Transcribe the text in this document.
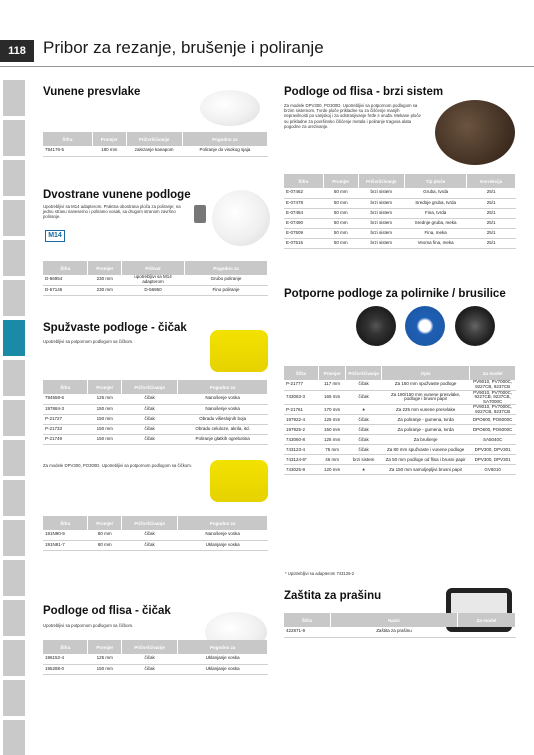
118	Pribor za rezanje, brušenje i poliranje
Vunene presvlake
Šifra	Promjer	Pričvršćivanje	Pogodno za
794176-5	180 mm	zalezanje kanapom	Poliranje do visokog sjaja
Dvostrane vunene podloge
Upotrebljivi sa M14 adapterom. Praktna obostrana ploča za poliranje; na jednu stranu nanesemo i poliramo vosak, sa drugom stranom završno poliranje.
M14
Šifra	Promjer	Prihvat	Pogodno za
D-56954	230 mm	upotrebljivi sa M14 adapterom	Grubo poliranje
D-57146	230 mm	D-56960	Fino poliranje
Spužvaste podloge - čičak
Upotrebljivi sa potpornom podlogom sa čičkom.
Šifra	Promjer	Pričvršćivanje	Pogodno za
794558-6	125 mm	čičak	Nanošenje voska
197884-3	150 mm	čičak	Nanošenje voska
P-21727	150 mm	čičak	Obradu višeslojnih boja
P-21733	150 mm	čičak	Obradu celuloze, akrila, itd.
P-21749	150 mm	čičak	Poliranje glatkih ogrebotina
Za modele DPV300, PO300D. Upotrebljivi sa potpornom podlogom sa čičkom.
Šifra	Promjer	Pričvršćivanje	Pogodno za
191N90-9	80 mm	čičak	Nanošenje voska
191N91-7	80 mm	čičak	Uklanjanje voska
Podloge od flisa - čičak
Upotrebljivi sa potpornom podlogom sa čičkom.
Šifra	Promjer	Pričvršćivanje	Pogodno za
196152-4	125 mm	čičak	Uklanjanje voska
195288-0	150 mm	čičak	Uklanjanje voska
Podloge od flisa - brzi sistem
Za modele DPV300, PO300D. Upotrebljivi sa potpornom podlogom sa brzim sistemom. Tvrde ploče prikladne su za čišćenje manjih nepravilnosti po vanjskoj i za odstranjivanje hrđe s oruđa. Mekane ploče su prikladne za površinsko čišćenje metala i poliranje tragova alata pogodne za urezivanje.
Šifra	Promjer	Pričvršćivanje	Tip ploče	Korrekcija
E-07462	50 mm	brzi sistem	Gruba, tvrda	25/1
E-07478	50 mm	brzi sistem	Srednje gruba, tvrda	25/1
E-07484	50 mm	brzi sistem	Fina, tvrda	25/1
E-07490	50 mm	brzi sistem	Srednje gruba, meka	25/1
E-07509	50 mm	brzi sistem	Fina, meka	25/1
E-07515	50 mm	brzi sistem	Veoma fina, meka	25/1
Potporne podloge za polirnike / brusilice
Šifra	Promjer	Pričvršćivanje	Opis	Za model
P-21777	117 mm	čičak	Za 150 mm spužvaste podloge	PV9010, PV7000C, 9227CB, 9237CB
743063-3	165 mm	čičak	Za 180/150 mm vunene presvlake, podloge i brusni papir	PV9010, PV7000C, 9227CB, 9237CB, SA7000C
P-21761	170 mm	∗	Za 225 mm vunene presvlake	PV9010, PV7000C, 9227CB, 9237CB
197922-4	125 mm	čičak	Za poliranje - gumena, tvrda	DPO600, PO6000C
197925-2	150 mm	čičak	Za poliranje - gumena, tvrda	DPO600, PO6000C
743060-8	125 mm	čičak	Za brušenje	SA5040C
743123-4	75 mm	čičak	Za 80 mm spužvaste i vunene podloge	DPV300, DPV301
743124-6*	46 mm	brzi sistem	Za 50 mm podloge od flisa i brusni papir	DPV300, DPV301
743025-8	120 mm	∗	Za 150 mm samoljepljivi brusni papir	GV6010
* Upotrebljivi sa adapterom 743126-2
Zaštita za prašinu
Šifra	Naziv	Za model
422871-9	Zaštita za prašinu	PV001G
